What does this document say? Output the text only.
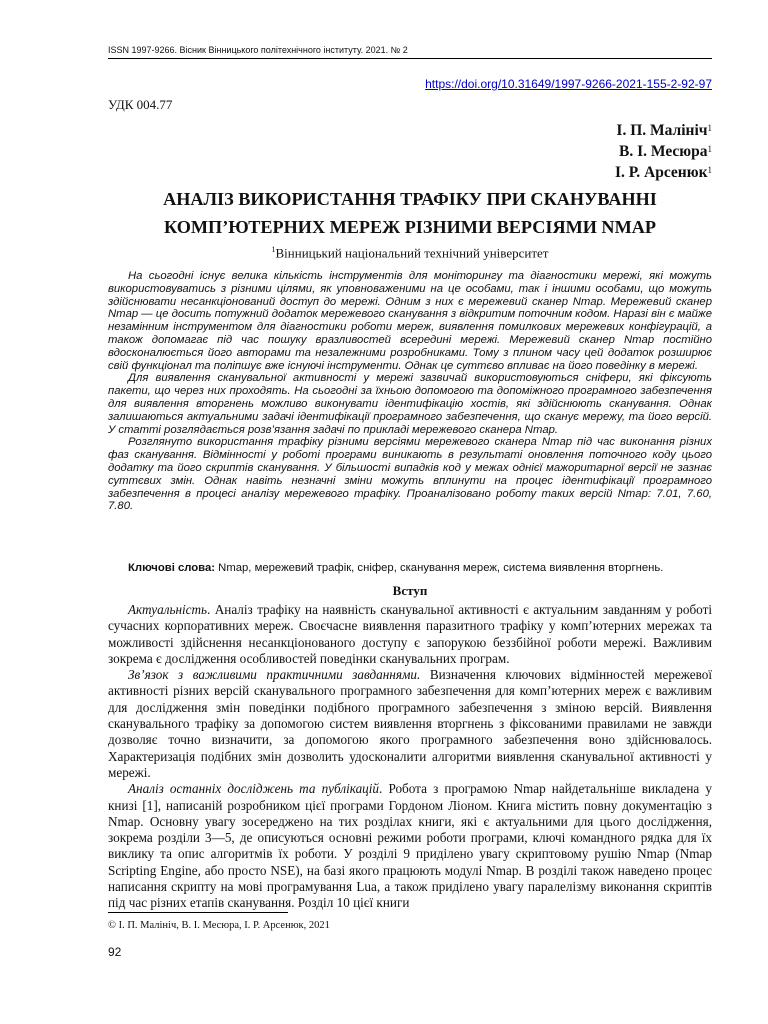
ISSN 1997-9266. Вісник Вінницького політехнічного інституту. 2021. № 2
https://doi.org/10.31649/1997-9266-2021-155-2-92-97
УДК 004.77
І. П. Малініч$^1$
В. І. Месюра$^1$
І. Р. Арсенюк$^1$
АНАЛІЗ ВИКОРИСТАННЯ ТРАФІКУ ПРИ СКАНУВАННІ
КОМП’ЮТЕРНИХ МЕРЕЖ РІЗНИМИ ВЕРСІЯМИ NMAP
$^1$Вінницький національний технічний університет

На сьогодні існує велика кількість інструментів для моніторингу та діагностики мережі, які можуть використовуватись з різними цілями, як уповноваженими на це особами, так і іншими особами, що можуть здійснювати несанкціонований доступ до мережі. Одним з них є мережевий сканер Nmap. Мережевий сканер Nmap — це досить потужний додаток мережевого сканування з відкритим поточним кодом. Наразі він є майже незамінним інструментом для діагностики роботи мереж, виявлення помилкових мережевих конфігурацій, а також допомагає під час пошуку вразливостей всередині мережі. Мережевий сканер Nmap постійно вдосконалюється його авторами та незалежними розробниками. Тому з плином часу цей додаток розширює свій функціонал та поліпшує вже існуючі інструменти. Однак це суттєво впливає на його поведінку в мережі.

Для виявлення сканувальної активності у мережі зазвичай використовуються сніфери, які фіксують пакети, що через них проходять. На сьогодні за їхньою допомогою та допоміжного програмного забезпечення для виявлення вторгнень можливо виконувати ідентифікацію хостів, які здійснюють сканування. Однак залишаються актуальними задачі ідентифікації програмного забезпечення, що сканує мережу, та його версій. У статті розглядається розв’язання задачі по прикладі мережевого сканера Nmap.

Розглянуто використання трафіку різними версіями мережевого сканера Nmap під час виконання різних фаз сканування. Відмінності у роботі програми виникають в результаті оновлення поточного коду цього додатку та його скриптів сканування. У більшості випадків код у межах однієї мажоритарної версії не зазнає суттєвих змін. Однак навіть незначні зміни можуть вплинути на процес ідентифікації програмного забезпечення в процесі аналізу мережевого трафіку. Проаналізовано роботу таких версій Nmap: 7.01, 7.60, 7.80.

Ключові слова: Nmap, мережевий трафік, сніфер, сканування мереж, система виявлення вторгнень.
Вступ

Актуальність. Аналіз трафіку на наявність сканувальної активності є актуальним завданням у роботі сучасних корпоративних мереж. Своєчасне виявлення паразитного трафіку у комп’ютерних мережах та можливості здійснення несанкціонованого доступу є запорукою беззбійної роботи мережі. Важливим зокрема є дослідження особливостей поведінки сканувальних програм.

Зв’язок з важливими практичними завданнями. Визначення ключових відмінностей мережевої активності різних версій сканувального програмного забезпечення для комп’ютерних мереж є важливим для дослідження змін поведінки подібного програмного забезпечення з зміною версій. Виявлення сканувального трафіку за допомогою систем виявлення вторгнень з фіксованими правилами не завжди дозволяє точно визначити, за допомогою якого програмного забезпечення воно здійснювалось. Характеризація подібних змін дозволить удосконалити алгоритми виявлення сканувальної активності у мережі.

Аналіз останніх досліджень та публікацій. Робота з програмою Nmap найдетальніше викладена у книзі [1], написаній розробником цієї програми Гордоном Ліоном. Книга містить повну документацію з Nmap. Основну увагу зосереджено на тих розділах книги, які є актуальними для цього дослідження, зокрема розділи 3—5, де описуються основні режими роботи програми, ключі командного рядка для їх виклику та опис алгоритмів їх роботи. У розділі 9 приділено увагу скриптовому рушію Nmap (Nmap Scripting Engine, або просто NSE), на базі якого працюють модулі Nmap. В розділі також наведено процес написання скрипту на мові програмування Lua, а також приділено увагу паралелізму виконання скриптів під час різних етапів сканування. Розділ 10 цієї книги

© І. П. Малініч, В. І. Месюра, І. Р. Арсенюк, 2021
92
